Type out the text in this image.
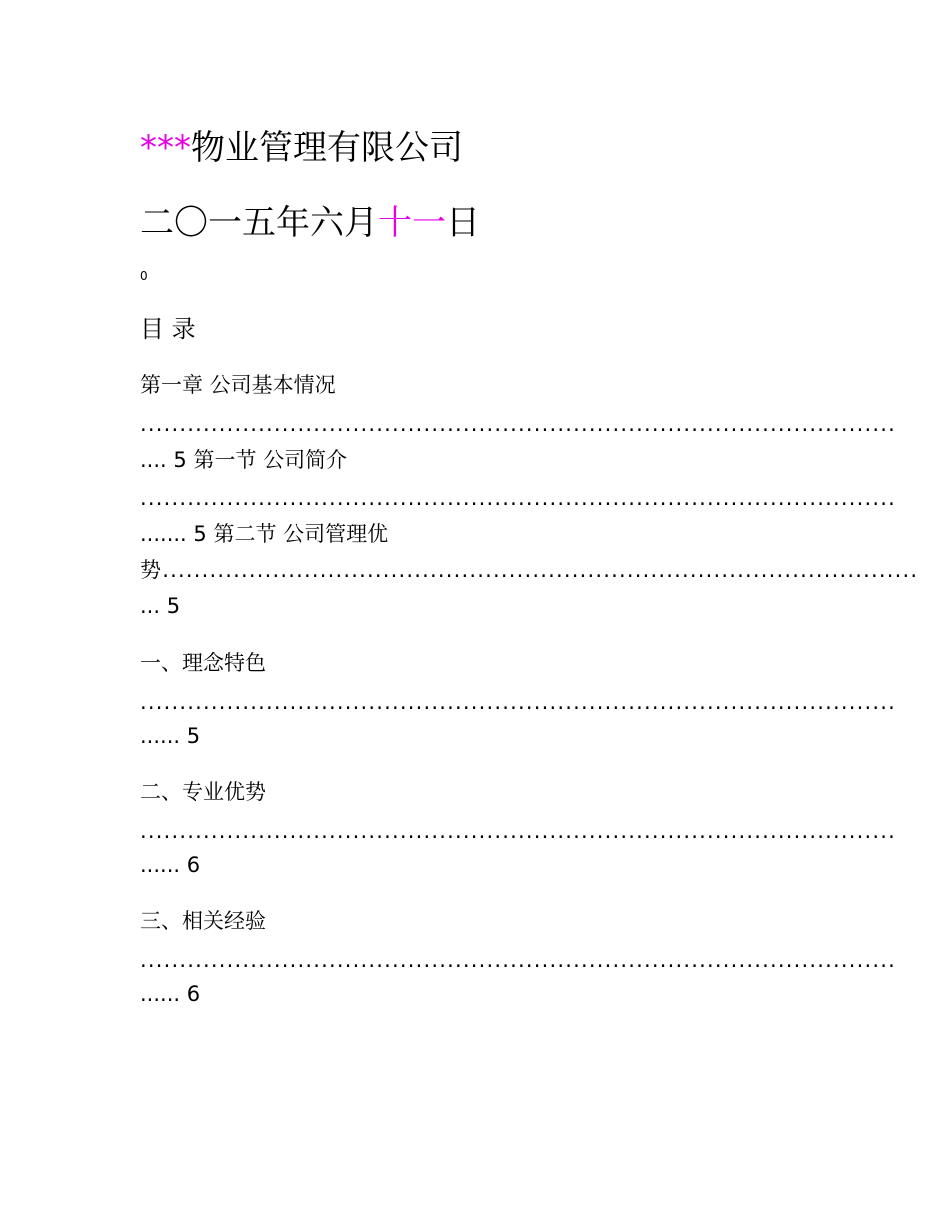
***物业管理有限公司
二〇一五年六月十一日
0
目 录
第一章 公司基本情况
................................................................................................
.... 5 第一节 公司简介
................................................................................................
....... 5 第二节 公司管理优
势................................................................................................
... 5
一、理念特色
................................................................................................
...... 5
二、专业优势
................................................................................................
...... 6
三、相关经验
................................................................................................
...... 6
